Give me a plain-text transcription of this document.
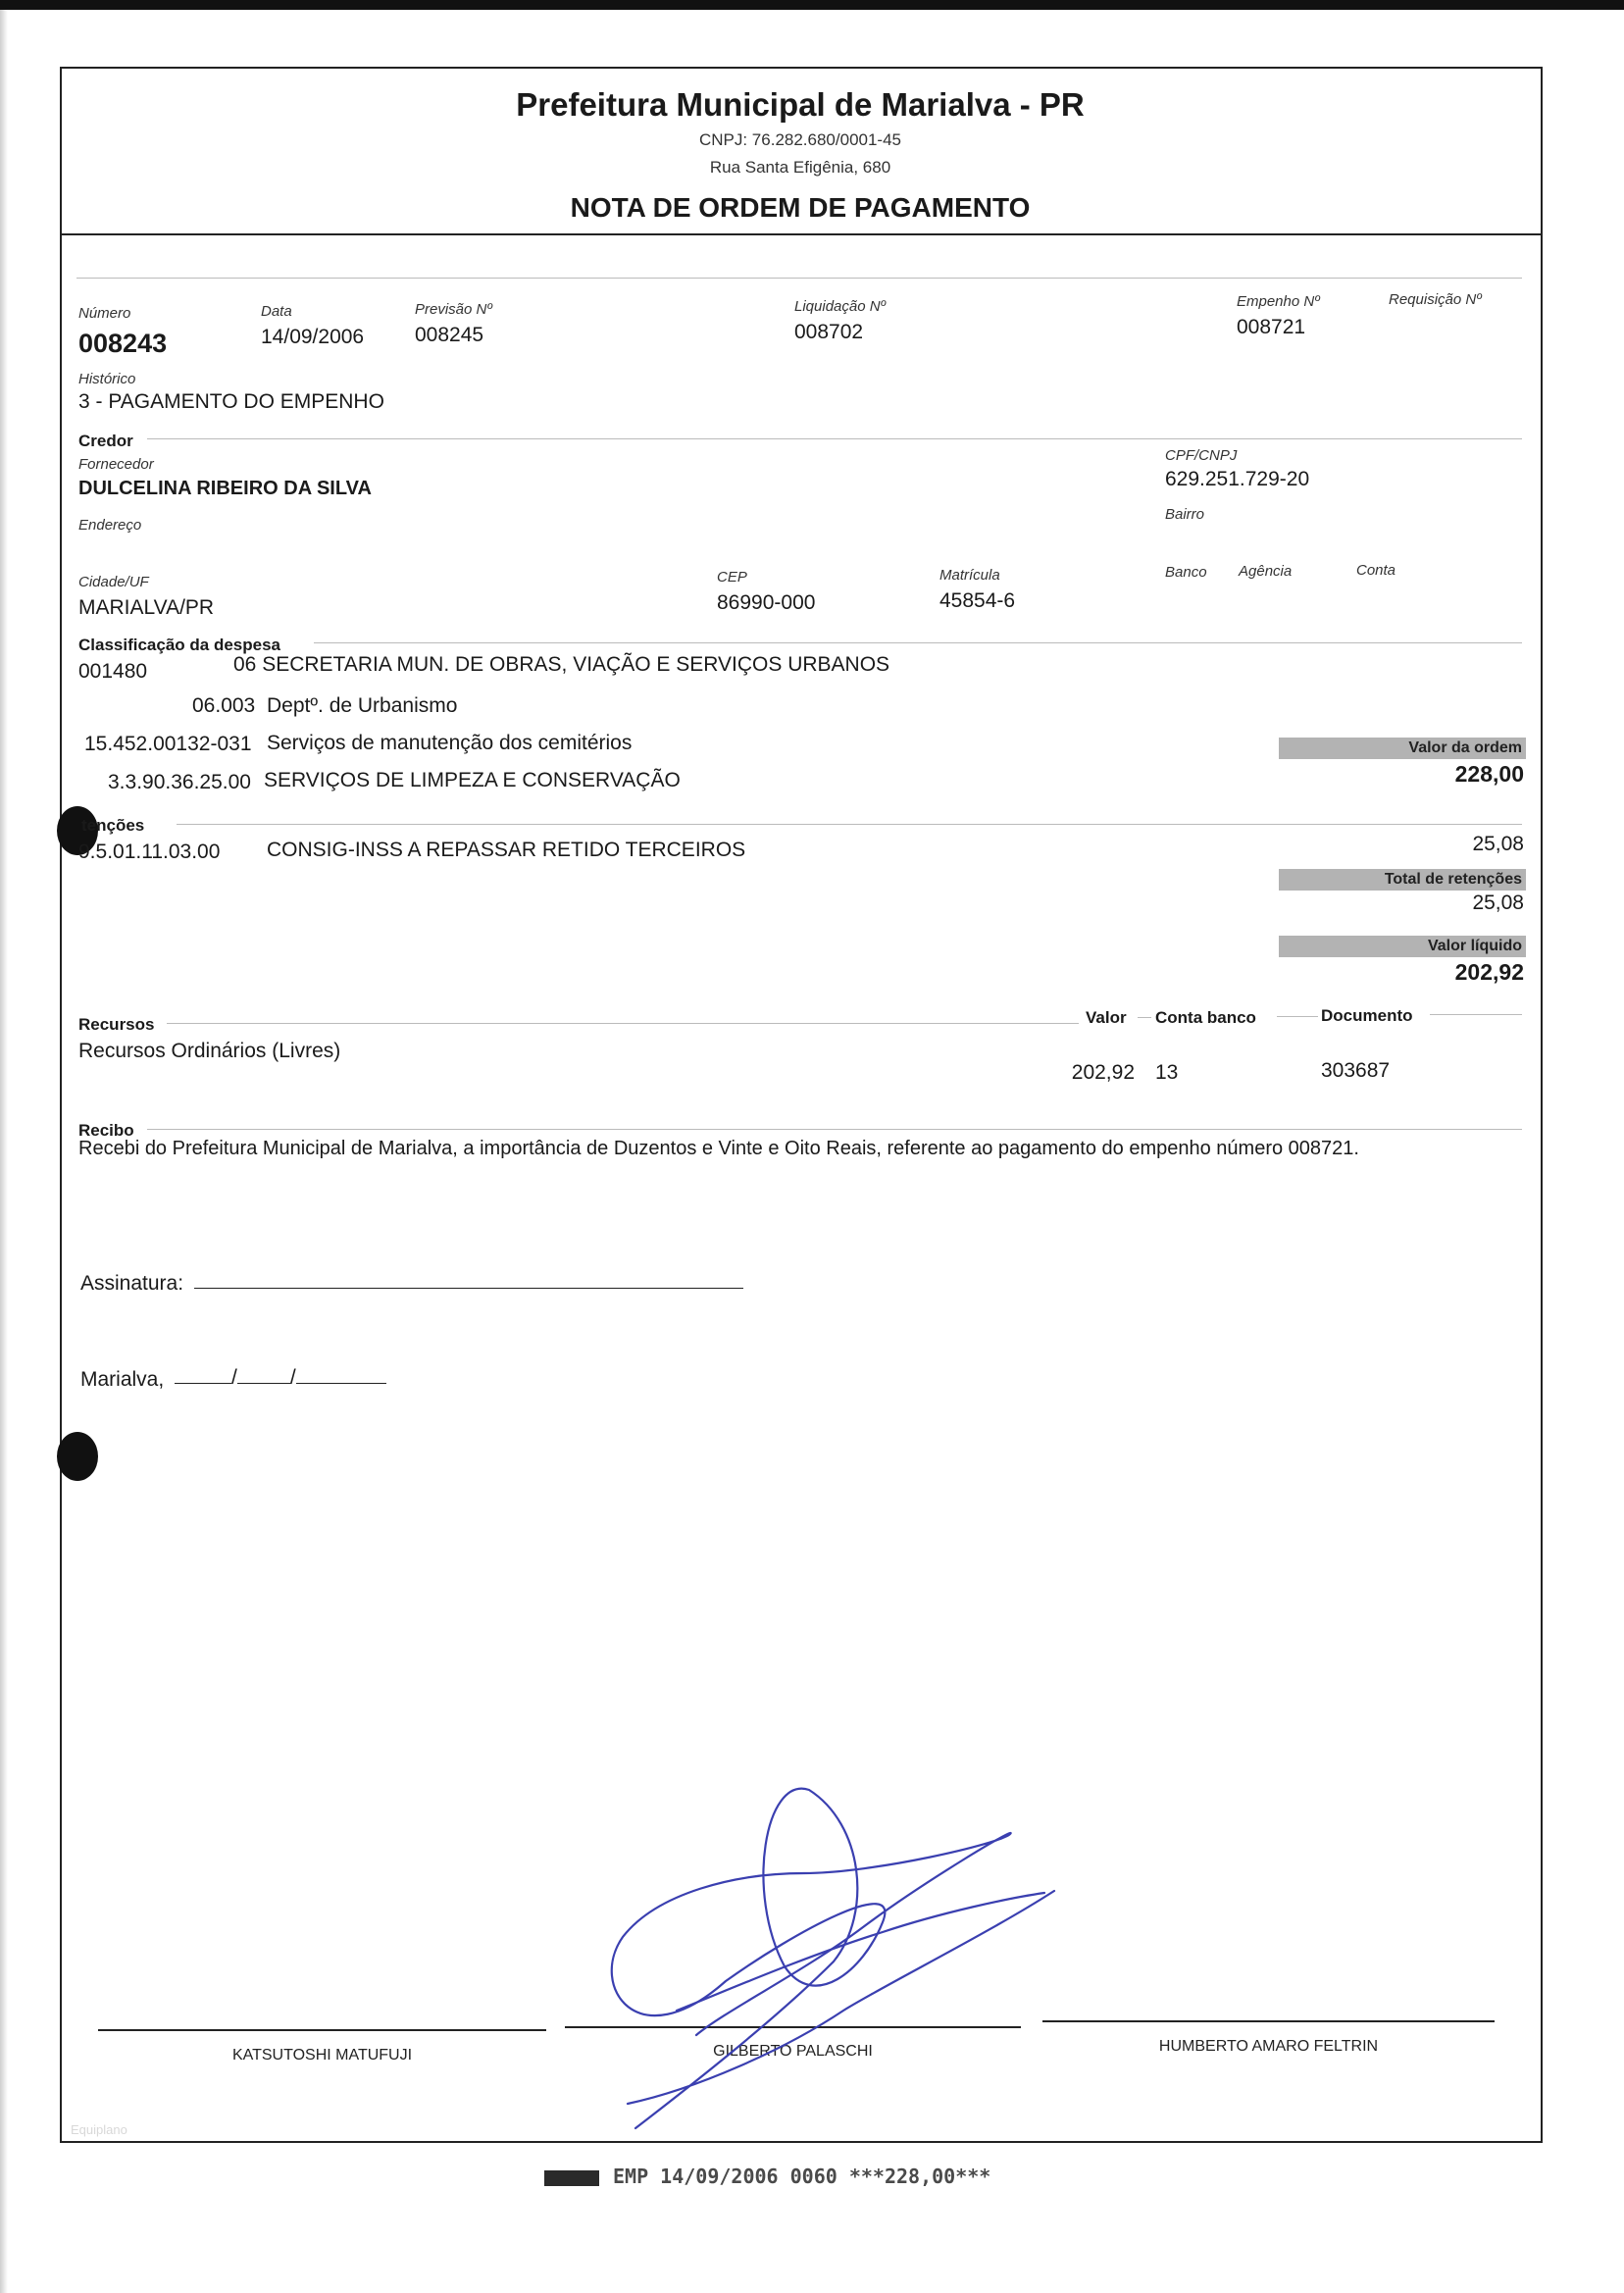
Prefeitura Municipal de Marialva - PR
CNPJ: 76.282.680/0001-45
Rua Santa Efigênia, 680
NOTA DE ORDEM DE PAGAMENTO
Número
008243
Data
14/09/2006
Previsão Nº
008245
Liquidação Nº
008702
Empenho Nº
008721
Requisição Nº
Histórico
3 - PAGAMENTO DO EMPENHO
Credor
Fornecedor
DULCELINA RIBEIRO DA SILVA
CPF/CNPJ
629.251.729-20
Endereço
Bairro
Cidade/UF
MARIALVA/PR
CEP
86990-000
Matrícula
45854-6
Banco Agência	Conta
Classificação da despesa
001480	06 SECRETARIA MUN. DE OBRAS, VIAÇÃO E SERVIÇOS URBANOS
06.003 Deptº. de Urbanismo
15.452.00132-031 Serviços de manutenção dos cemitérios
3.3.90.36.25.00 SERVIÇOS DE LIMPEZA E CONSERVAÇÃO
Valor da ordem
228,00
tenções
9.5.01.11.03.00 CONSIG-INSS A REPASSAR RETIDO TERCEIROS	25,08
Total de retenções
25,08
Valor líquido
202,92
Recursos	Valor Conta banco	Documento
Recursos Ordinários (Livres)
202,92 13	303687
Recibo
Recebi do Prefeitura Municipal de Marialva, a importância de Duzentos e Vinte e Oito Reais, referente ao pagamento do empenho número 008721.
Assinatura:
Marialva,	/	/
KATSUTOSHI MATUFUJI	GILBERTO PALASCHI	HUMBERTO AMARO FELTRIN
Equiplano
EMP 14/09/2006 0060 ***228,00***
